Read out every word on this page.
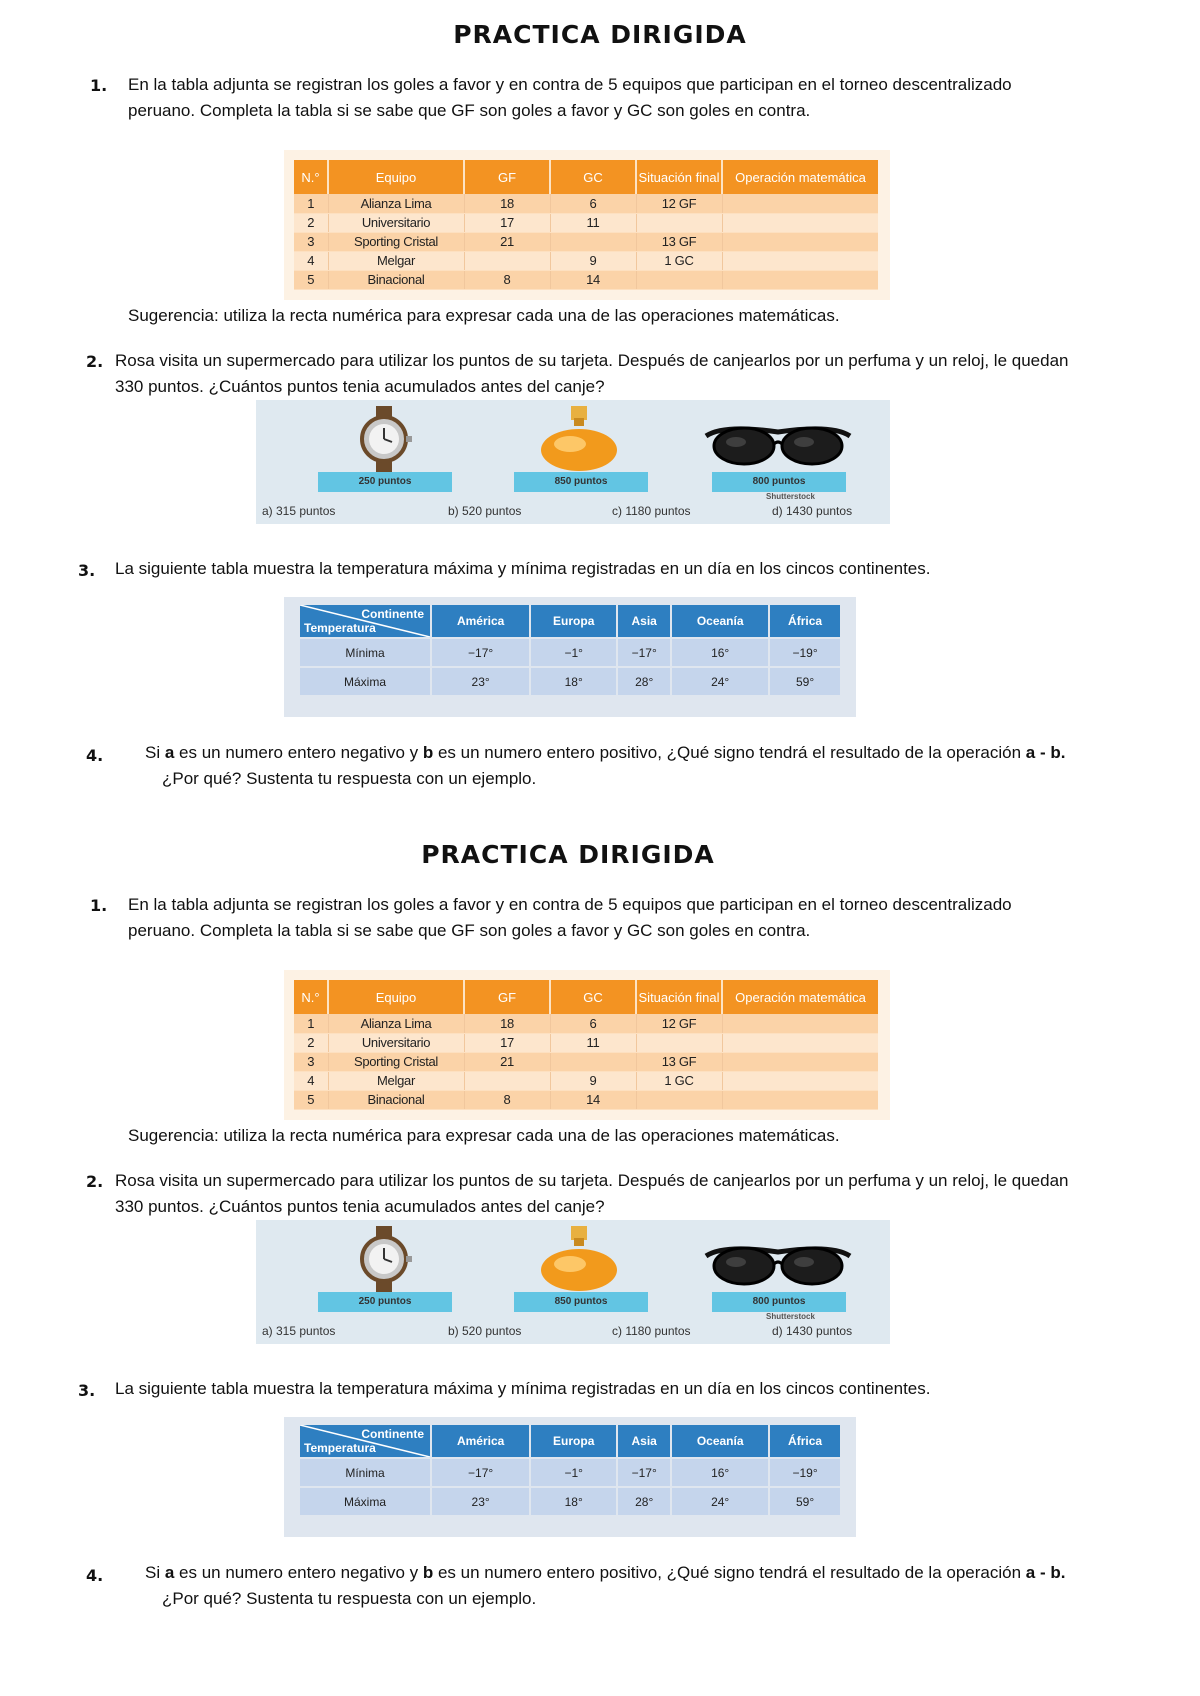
PRACTICA DIRIGIDA
1. En la tabla adjunta se registran los goles a favor y en contra de 5 equipos que participan en el torneo descentralizado
peruano. Completa la tabla si se sabe que GF son goles a favor y GC son goles en contra.
N.°	Equipo	GF	GC	Situación final	Operación matemática
1	Alianza Lima	18	6	12 GF	
2	Universitario	17	11		
3	Sporting Cristal	21		13 GF	
4	Melgar		9	1 GC	
5	Binacional	8	14		
Sugerencia: utiliza la recta numérica para expresar cada una de las operaciones matemáticas.
2. Rosa visita un supermercado para utilizar los puntos de su tarjeta. Después de canjearlos por un perfuma y un reloj, le quedan
330 puntos. ¿Cuántos puntos tenia acumulados antes del canje?
250 puntos	850 puntos	800 puntos
Shutterstock
a) 315 puntos	b) 520 puntos	c) 1180 puntos	d) 1430 puntos
3. La siguiente tabla muestra la temperatura máxima y mínima registradas en un día en los cincos continentes.
Continente
Temperatura	América	Europa	Asia	Oceanía	África
Mínima	−17°	−1°	−17°	16°	−19°
Máxima	23°	18°	28°	24°	59°
4. Si a es un numero entero negativo y b es un numero entero positivo, ¿Qué signo tendrá el resultado de la operación a - b.
¿Por qué? Sustenta tu respuesta con un ejemplo.
PRACTICA DIRIGIDA
1. En la tabla adjunta se registran los goles a favor y en contra de 5 equipos que participan en el torneo descentralizado
peruano. Completa la tabla si se sabe que GF son goles a favor y GC son goles en contra.
N.°	Equipo	GF	GC	Situación final	Operación matemática
1	Alianza Lima	18	6	12 GF	
2	Universitario	17	11		
3	Sporting Cristal	21		13 GF	
4	Melgar		9	1 GC	
5	Binacional	8	14		
Sugerencia: utiliza la recta numérica para expresar cada una de las operaciones matemáticas.
2. Rosa visita un supermercado para utilizar los puntos de su tarjeta. Después de canjearlos por un perfuma y un reloj, le quedan
330 puntos. ¿Cuántos puntos tenia acumulados antes del canje?
250 puntos	850 puntos	800 puntos
Shutterstock
a) 315 puntos	b) 520 puntos	c) 1180 puntos	d) 1430 puntos
3. La siguiente tabla muestra la temperatura máxima y mínima registradas en un día en los cincos continentes.
Continente
Temperatura	América	Europa	Asia	Oceanía	África
Mínima	−17°	−1°	−17°	16°	−19°
Máxima	23°	18°	28°	24°	59°
4. Si a es un numero entero negativo y b es un numero entero positivo, ¿Qué signo tendrá el resultado de la operación a - b.
¿Por qué? Sustenta tu respuesta con un ejemplo.
